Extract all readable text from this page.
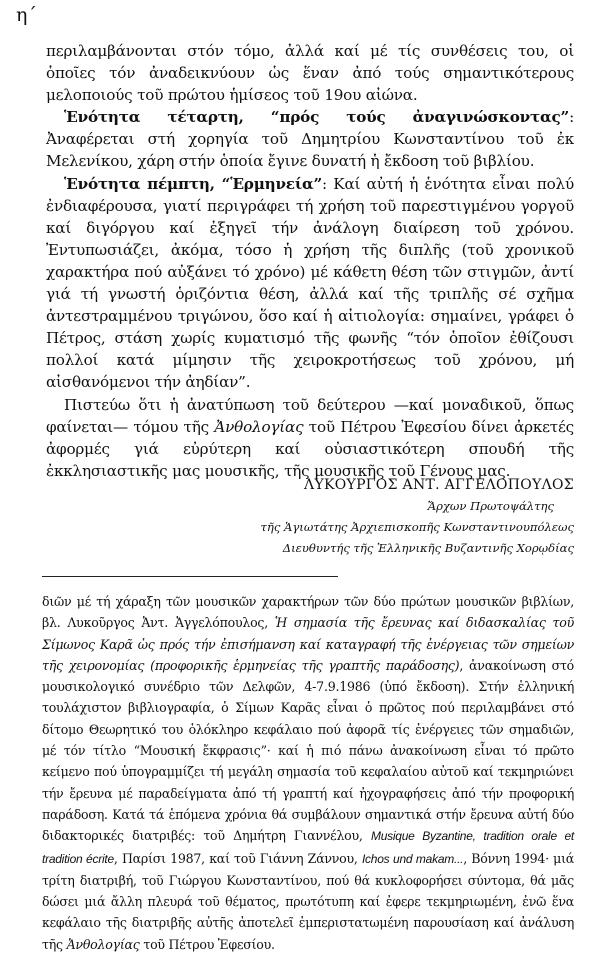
η΄

περιλαμβάνονται στόν τόμο, ἀλλά καί μέ τίς συνθέσεις του, οἱ ὁποῖες τόν ἀναδεικνύουν ὡς ἕναν ἀπό τούς σημαντικότερους μελοποιούς τοῦ πρώτου ἡμίσεος τοῦ 19ου αἰώνα.

Ἑνότητα τέταρτη, “πρός τούς ἀναγινώσκοντας”: Ἀναφέρεται στή χορηγία τοῦ Δημητρίου Κωνσταντίνου τοῦ ἐκ Μελενίκου, χάρη στήν ὁποία ἔγινε δυνατή ἡ ἔκδοση τοῦ βιβλίου.

Ἑνότητα πέμπτη, “Ἑρμηνεία”: Καί αὐτή ἡ ἑνότητα εἶναι πολύ ἐνδιαφέρουσα, γιατί περιγράφει τή χρήση τοῦ παρεστιγμένου γοργοῦ καί διγόργου καί ἐξηγεῖ τήν ἀνάλογη διαίρεση τοῦ χρόνου. Ἐντυπωσιάζει, ἀκόμα, τόσο ἡ χρήση τῆς διπλῆς (τοῦ χρονικοῦ χαρακτήρα πού αὐξάνει τό χρόνο) μέ κάθετη θέση τῶν στιγμῶν, ἀντί γιά τή γνωστή ὁριζόντια θέση, ἀλλά καί τῆς τριπλῆς σέ σχῆμα ἀντεστραμμένου τριγώνου, ὅσο καί ἡ αἰτιολογία: σημαίνει, γράφει ὁ Πέτρος, στάση χωρίς κυματισμό τῆς φωνῆς “τόν ὁποῖον ἐθίζουσι πολλοί κατά μίμησιν τῆς χειροκροτήσεως τοῦ χρόνου, μή αἰσθανόμενοι τήν ἀηδίαν”.

Πιστεύω ὅτι ἡ ἀνατύπωση τοῦ δεύτερου —καί μοναδικοῦ, ὅπως φαίνεται— τόμου τῆς Ἀνθολογίας τοῦ Πέτρου Ἐφεσίου δίνει ἀρκετές ἀφορμές γιά εὐρύτερη καί οὐσιαστικότερη σπουδή τῆς ἐκκλησιαστικῆς μας μουσικῆς, τῆς μουσικῆς τοῦ Γένους μας.

ΛΥΚΟΥΡΓΟΣ ΑΝΤ. ΑΓΓΕΛΟΠΟΥΛΟΣ
Ἄρχων Πρωτοψάλτης
τῆς Ἁγιωτάτης Ἀρχιεπισκοπῆς Κωνσταντινουπόλεως
Διευθυντής τῆς Ἑλληνικῆς Βυζαντινῆς Χορῳδίας

διῶν μέ τή χάραξη τῶν μουσικῶν χαρακτήρων τῶν δύο πρώτων μουσικῶν βιβλίων, βλ. Λυκοῦργος Ἀντ. Ἀγγελόπουλος, Ἡ σημασία τῆς ἔρευνας καί διδασκαλίας τοῦ Σίμωνος Καρᾶ ὡς πρός τήν ἐπισήμανση καί καταγραφή τῆς ἐνέργειας τῶν σημείων τῆς χειρονομίας (προφορικῆς ἑρμηνείας τῆς γραπτῆς παράδοσης), ἀνακοίνωση στό μουσικολογικό συνέδριο τῶν Δελφῶν, 4-7.9.1986 (ὑπό ἔκδοση). Στήν ἑλληνική τουλάχιστον βιβλιογραφία, ὁ Σίμων Καρᾶς εἶναι ὁ πρῶτος πού περιλαμβάνει στό δίτομο Θεωρητικό του ὁλόκληρο κεφάλαιο πού ἀφορᾶ τίς ἐνέργειες τῶν σημαδιῶν, μέ τόν τίτλο “Μουσική ἔκφρασις”· καί ἡ πιό πάνω ἀνακοίνωση εἶναι τό πρῶτο κείμενο πού ὑπογραμμίζει τή μεγάλη σημασία τοῦ κεφαλαίου αὐτοῦ καί τεκμηριώνει τήν ἔρευνα μέ παραδείγματα ἀπό τή γραπτή καί ἠχογραφήσεις ἀπό τήν προφορική παράδοση. Κατά τά ἑπόμενα χρόνια θά συμβάλουν σημαντικά στήν ἔρευνα αὐτή δύο διδακτορικές διατριβές: τοῦ Δημήτρη Γιαννέλου, Musique Byzantine, tradition orale et tradition écrite, Παρίσι 1987, καί τοῦ Γιάννη Ζάννου, Ichos und makam..., Βόννη 1994· μιά τρίτη διατριβή, τοῦ Γιώργου Κωνσταντίνου, πού θά κυκλοφορήσει σύντομα, θά μᾶς δώσει μιά ἄλλη πλευρά τοῦ θέματος, πρωτότυπη καί ἐφερε τεκμηριωμένη, ἐνῶ ἕνα κεφάλαιο τῆς διατριβῆς αὐτῆς ἀποτελεῖ ἐμπεριστατωμένη παρουσίαση καί ἀνάλυση τῆς Ἀνθολογίας τοῦ Πέτρου Ἐφεσίου.
